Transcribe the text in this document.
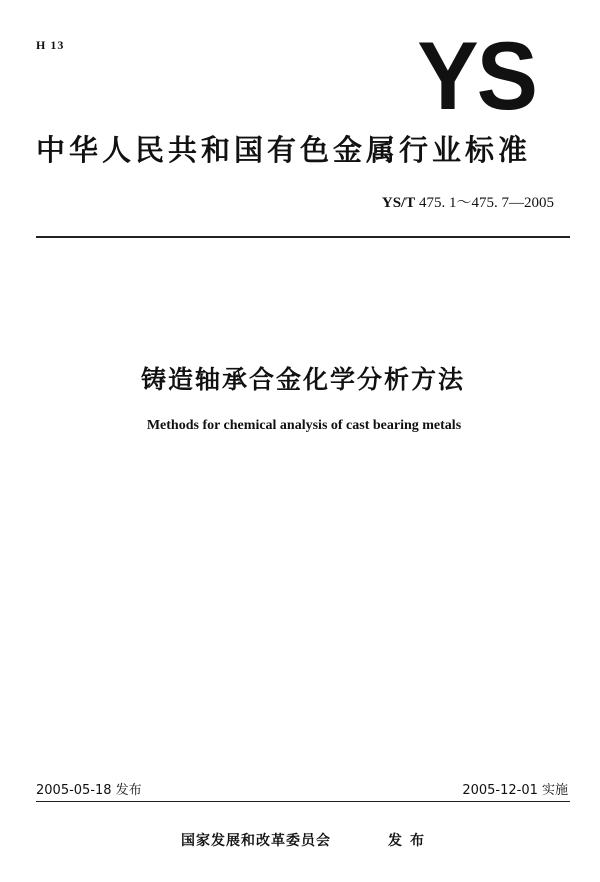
H 13	YS
中华人民共和国有色金属行业标准
YS/T 475. 1～475. 7—2005
铸造轴承合金化学分析方法
Methods for chemical analysis of cast bearing metals
2005-05-18 发布	2005-12-01 实施
国家发展和改革委员会	发布
